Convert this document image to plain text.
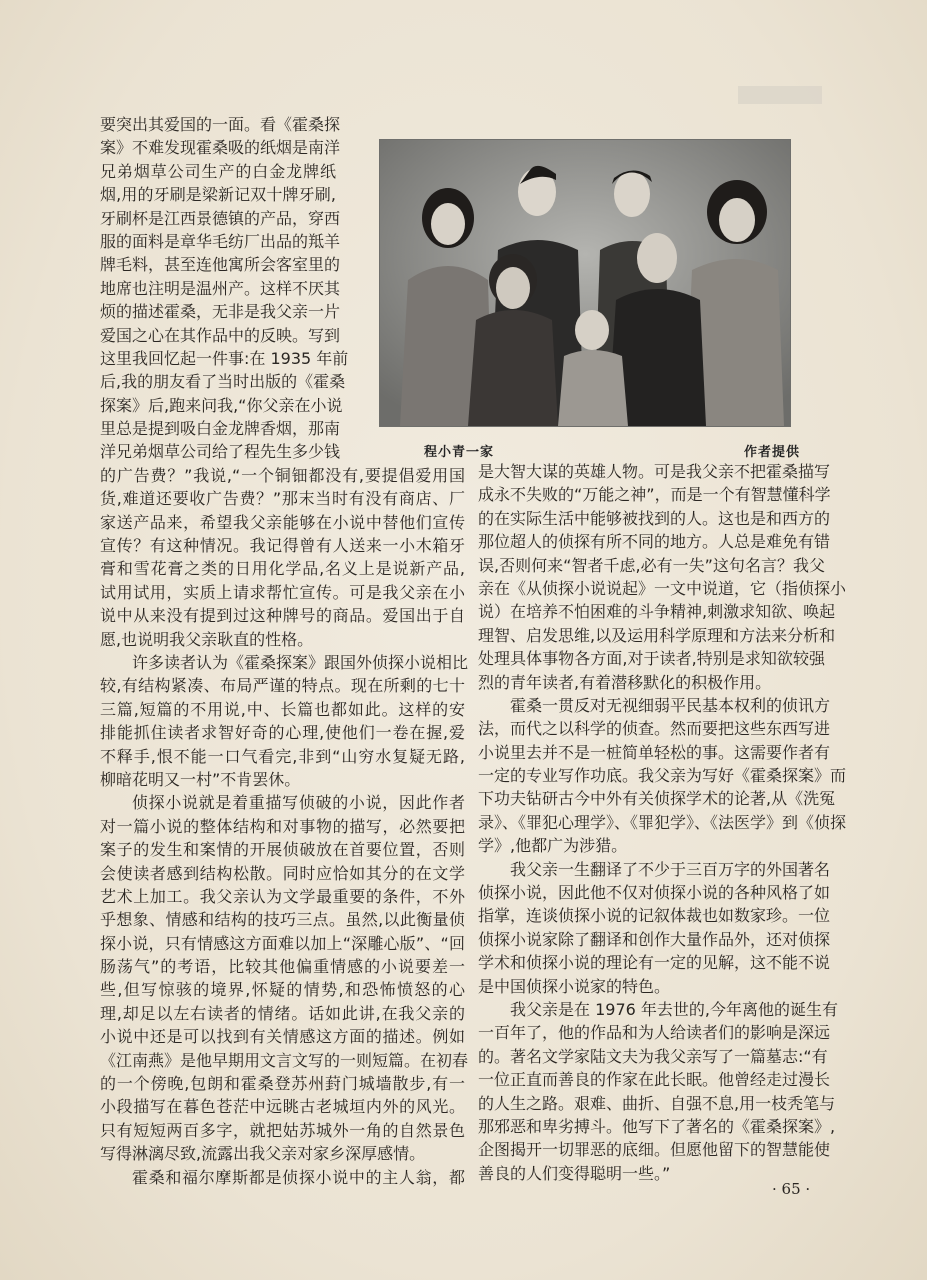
程小青一家	作者提供
要突出其爱国的一面。看《霍桑探
案》不难发现霍桑吸的纸烟是南洋
兄弟烟草公司生产的白金龙牌纸
烟,用的牙刷是梁新记双十牌牙刷,
牙刷杯是江西景德镇的产品，穿西
服的面料是章华毛纺厂出品的羝羊
牌毛料，甚至连他寓所会客室里的
地席也注明是温州产。这样不厌其
烦的描述霍桑，无非是我父亲一片
爱国之心在其作品中的反映。写到
这里我回忆起一件事:在 1935 年前
后,我的朋友看了当时出版的《霍桑
探案》后,跑来问我,“你父亲在小说
里总是提到吸白金龙牌香烟，那南
洋兄弟烟草公司给了程先生多少钱
的广告费？”我说,“一个铜钿都没有,要提倡爱用国
货,难道还要收广告费？”那末当时有没有商店、厂
家送产品来，希望我父亲能够在小说中替他们宣传
宣传？有这种情况。我记得曾有人送来一小木箱牙
膏和雪花膏之类的日用化学品,名义上是说新产品,
试用试用，实质上请求帮忙宣传。可是我父亲在小
说中从来没有提到过这种牌号的商品。爱国出于自
愿,也说明我父亲耿直的性格。
许多读者认为《霍桑探案》跟国外侦探小说相比
较,有结构紧凑、布局严谨的特点。现在所剩的七十
三篇,短篇的不用说,中、长篇也都如此。这样的安
排能抓住读者求智好奇的心理,使他们一卷在握,爱
不释手,恨不能一口气看完,非到“山穷水复疑无路,
柳暗花明又一村”不肯罢休。
侦探小说就是着重描写侦破的小说，因此作者
对一篇小说的整体结构和对事物的描写，必然要把
案子的发生和案情的开展侦破放在首要位置，否则
会使读者感到结构松散。同时应恰如其分的在文学
艺术上加工。我父亲认为文学最重要的条件，不外
乎想象、情感和结构的技巧三点。虽然,以此衡量侦
探小说，只有情感这方面难以加上“深雕心版”、“回
肠荡气”的考语，比较其他偏重情感的小说要差一
些,但写惊骇的境界,怀疑的情势,和恐怖愤怒的心
理,却足以左右读者的情绪。话如此讲,在我父亲的
小说中还是可以找到有关情感这方面的描述。例如
《江南燕》是他早期用文言文写的一则短篇。在初春
的一个傍晚,包朗和霍桑登苏州葑门城墙散步,有一
小段描写在暮色苍茫中远眺古老城垣内外的风光。
只有短短两百多字，就把姑苏城外一角的自然景色
写得淋漓尽致,流露出我父亲对家乡深厚感情。
霍桑和福尔摩斯都是侦探小说中的主人翁，都
是大智大谋的英雄人物。可是我父亲不把霍桑描写
成永不失败的“万能之神”，而是一个有智慧懂科学
的在实际生活中能够被找到的人。这也是和西方的
那位超人的侦探有所不同的地方。人总是难免有错
误,否则何来“智者千虑,必有一失”这句名言？我父
亲在《从侦探小说说起》一文中说道，它（指侦探小
说）在培养不怕困难的斗争精神,刺激求知欲、唤起
理智、启发思维,以及运用科学原理和方法来分析和
处理具体事物各方面,对于读者,特别是求知欲较强
烈的青年读者,有着潜移默化的积极作用。
霍桑一贯反对无视细弱平民基本权利的侦讯方
法，而代之以科学的侦查。然而要把这些东西写进
小说里去并不是一桩简单轻松的事。这需要作者有
一定的专业写作功底。我父亲为写好《霍桑探案》而
下功夫钻研古今中外有关侦探学术的论著,从《洗冤
录》、《罪犯心理学》、《罪犯学》、《法医学》到《侦探
学》,他都广为涉猎。
我父亲一生翻译了不少于三百万字的外国著名
侦探小说，因此他不仅对侦探小说的各种风格了如
指掌，连谈侦探小说的记叙体裁也如数家珍。一位
侦探小说家除了翻译和创作大量作品外，还对侦探
学术和侦探小说的理论有一定的见解，这不能不说
是中国侦探小说家的特色。
我父亲是在 1976 年去世的,今年离他的诞生有
一百年了，他的作品和为人给读者们的影响是深远
的。著名文学家陆文夫为我父亲写了一篇墓志:“有
一位正直而善良的作家在此长眠。他曾经走过漫长
的人生之路。艰难、曲折、自强不息,用一枝秃笔与
那邪恶和卑劣搏斗。他写下了著名的《霍桑探案》,
企图揭开一切罪恶的底细。但愿他留下的智慧能使
善良的人们变得聪明一些。”
· 65 ·
